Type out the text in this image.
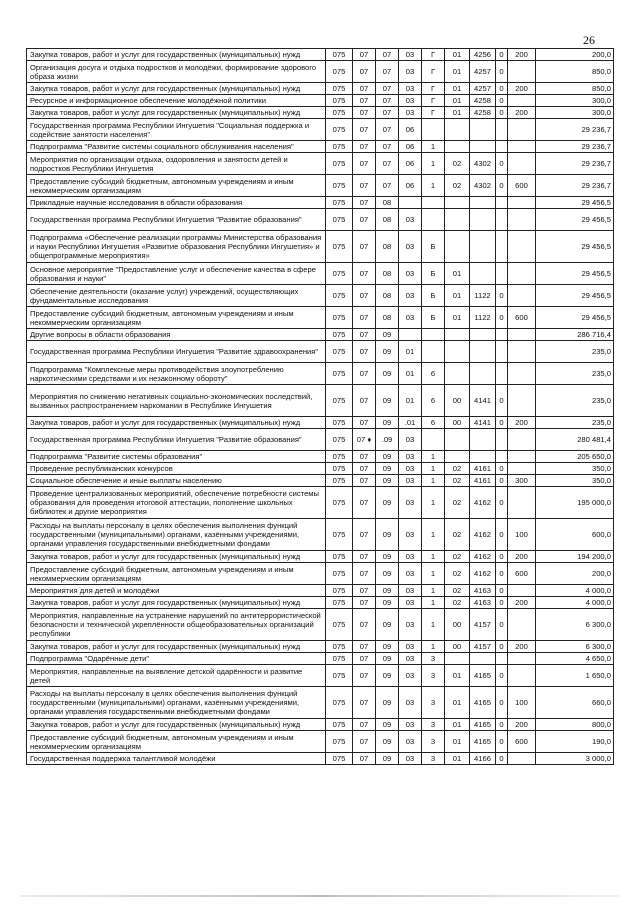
26
Закупка товаров, работ и услуг для государственных (муниципальных) нужд	075	07	07	03	Г	01	4256	0	200	200,0
Организация досуга и отдыха подростков и молодёжи, формирование здорового образа жизни	075	07	07	03	Г	01	4257	0		850,0
Закупка товаров, работ и услуг для государственных (муниципальных) нужд	075	07	07	03	Г	01	4257	0	200	850,0
Ресурсное и информационное обеспечение молодёжной политики	075	07	07	03	Г	01	4258	0		300,0
Закупка товаров, работ и услуг для государственных (муниципальных) нужд	075	07	07	03	Г	01	4258	0	200	300,0
Государственная программа Республики Ингушетия "Социальная поддержка и содействие занятости населения"	075	07	07	06						29 236,7
Подпрограмма "Развитие системы социального обслуживания населения"	075	07	07	06	1					29 236,7
Мероприятия по организации отдыха, оздоровления и занятости детей и подростков Республики Ингушетия	075	07	07	06	1	02	4302	0		29 236,7
Предоставление субсидий бюджетным, автономным учреждениям и иным некоммерческим организациям	075	07	07	06	1	02	4302	0	600	29 236,7
Прикладные научные исследования в области образования	075	07	08							29 456,5
Государственная программа Республики Ингушетия "Развитие образования"	075	07	08	03						29 456,5
Подпрограмма «Обеспечение реализации программы Министерства образования и науки Республики Ингушетия «Развитие образования Республики Ингушетия» и общепрограммные мероприятия»	075	07	08	03	Б					29 456,5
Основное мероприятие "Предоставление услуг и обеспечение качества в сфере образования и науки"	075	07	08	03	Б	01				29 456,5
Обеспечение деятельности (оказание услуг) учреждений, осуществляющих фундаментальные исследования	075	07	08	03	Б	01	1122	0		29 456,5
Предоставление субсидий бюджетным, автономным учреждениям и иным некоммерческим организациям	075	07	08	03	Б	01	1122	0	600	29 456,5
Другие вопросы в области образования	075	07	09							286 716,4
Государственная программа Республики Ингушетия "Развитие здравоохранения"	075	07	09	01						235,0
Подпрограмма "Комплексные меры противодействия злоупотреблению наркотическими средствами и их незаконному обороту"	075	07	09	01	6					235,0
Мероприятия по снижению негативных социально-экономических последствий, вызванных распространением наркомании в Республике Ингушетия	075	07	09	01	6	00	4141	0		235,0
Закупка товаров, работ и услуг для государственных (муниципальных) нужд	075	07	09	.01	6	00	4141	0	200	235,0
Государственная программа Республики Ингушетия "Развитие образования"	075	07 ♦	.09	03						280 481,4
Подпрограмма "Развитие системы образования"	075	07	09	03	1					205 650,0
Проведение республиканских конкурсов	075	07	09	03	1	02	4161	0		350,0
Социальное обеспечение и иные выплаты населению	075	07	09	03	1	02	4161	0	300	350,0
Проведение централизованных мероприятий, обеспечение потребности системы образования для проведения итоговой аттестации, пополнение школьных библиотек и другие мероприятия	075	07	09	03	1	02	4162	0		195 000,0
Расходы на выплаты персоналу в целях обеспечения выполнения функций государственными (муниципальными) органами, казёнными учреждениями, органами управления государственными внебюджетными фондами	075	07	09	03	1	02	4162	0	100	600,0
Закупка товаров, работ и услуг для государственных (муниципальных) нужд	075	07	09	03	1	02	4162	0	200	194 200,0
Предоставление субсидий бюджетным, автономным учреждениям и иным некоммерческим организациям	075	07	09	03	1	02	4162	0	600	200,0
Мероприятия для детей и молодёжи	075	07	09	03	1	02	4163	0		4 000,0
Закупка товаров, работ и услуг для государственных (муниципальных) нужд	075	07	09	03	1	02	4163	0	200	4 000,0
Мероприятия, направленные на устранение нарушений по антитеррористической безопасности и технической укреплённости общеобразовательных организаций республики	075	07	09	03	1	00	4157	0		6 300,0
Закупка товаров, работ и услуг для государственных (муниципальных) нужд	075	07	09	03	1	00	4157	0	200	6 300,0
Подпрограмма "Одарённые дети"	075	07	09	03	3					4 650,0
Мероприятия, направленные на выявление детской одарённости и развитие детей	075	07	09	03	3	01	4165	0		1 650,0
Расходы на выплаты персоналу в целях обеспечения выполнения функций государственными (муниципальными) органами, казёнными учреждениями, органами управления государственными внебюджетными фондами	075	07	09	03	3	01	4165	0	100	660,0
Закупка товаров, работ и услуг для государственных (муниципальных) нужд	075	07	09	03	3	01	4165	0	200	800,0
Предоставление субсидий бюджетным, автономным учреждениям и иным некоммерческим организациям	075	07	09	03	3	01	4165	0	600	190,0
Государственная поддержка талантливой молодёжи	075	07	09	03	3	01	4166	0		3 000,0
